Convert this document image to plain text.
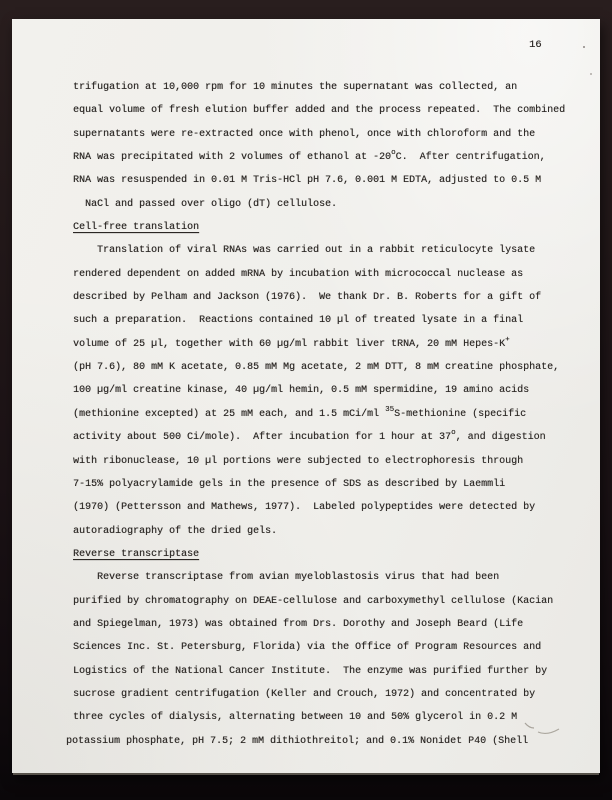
16
trifugation at 10,000 rpm for 10 minutes the supernatant was collected, an
equal volume of fresh elution buffer added and the process repeated.  The combined
supernatants were re-extracted once with phenol, once with chloroform and the
RNA was precipitated with 2 volumes of ethanol at -20$^o$C.  After centrifugation,
RNA was resuspended in 0.01 M Tris-HCl pH 7.6, 0.001 M EDTA, adjusted to 0.5 M
NaCl and passed over oligo (dT) cellulose.
Cell-free translation
Translation of viral RNAs was carried out in a rabbit reticulocyte lysate
rendered dependent on added mRNA by incubation with micrococcal nuclease as
described by Pelham and Jackson (1976).  We thank Dr. B. Roberts for a gift of
such a preparation.  Reactions contained 10 µl of treated lysate in a final
volume of 25 µl, together with 60 µg/ml rabbit liver tRNA, 20 mM Hepes-K+
(pH 7.6), 80 mM K acetate, 0.85 mM Mg acetate, 2 mM DTT, 8 mM creatine phosphate,
100 µg/ml creatine kinase, 40 µg/ml hemin, 0.5 mM spermidine, 19 amino acids
(methionine excepted) at 25 mM each, and 1.5 mCi/ml $^{35}$S-methionine (specific
activity about 500 Ci/mole).  After incubation for 1 hour at 37$^o$, and digestion
with ribonuclease, 10 µl portions were subjected to electrophoresis through
7-15% polyacrylamide gels in the presence of SDS as described by Laemmli
(1970) (Pettersson and Mathews, 1977).  Labeled polypeptides were detected by
autoradiography of the dried gels.
Reverse transcriptase
Reverse transcriptase from avian myeloblastosis virus that had been
purified by chromatography on DEAE-cellulose and carboxymethyl cellulose (Kacian
and Spiegelman, 1973) was obtained from Drs. Dorothy and Joseph Beard (Life
Sciences Inc. St. Petersburg, Florida) via the Office of Program Resources and
Logistics of the National Cancer Institute.  The enzyme was purified further by
sucrose gradient centrifugation (Keller and Crouch, 1972) and concentrated by
three cycles of dialysis, alternating between 10 and 50% glycerol in 0.2 M
potassium phosphate, pH 7.5; 2 mM dithiothreitol; and 0.1% Nonidet P40 (Shell
